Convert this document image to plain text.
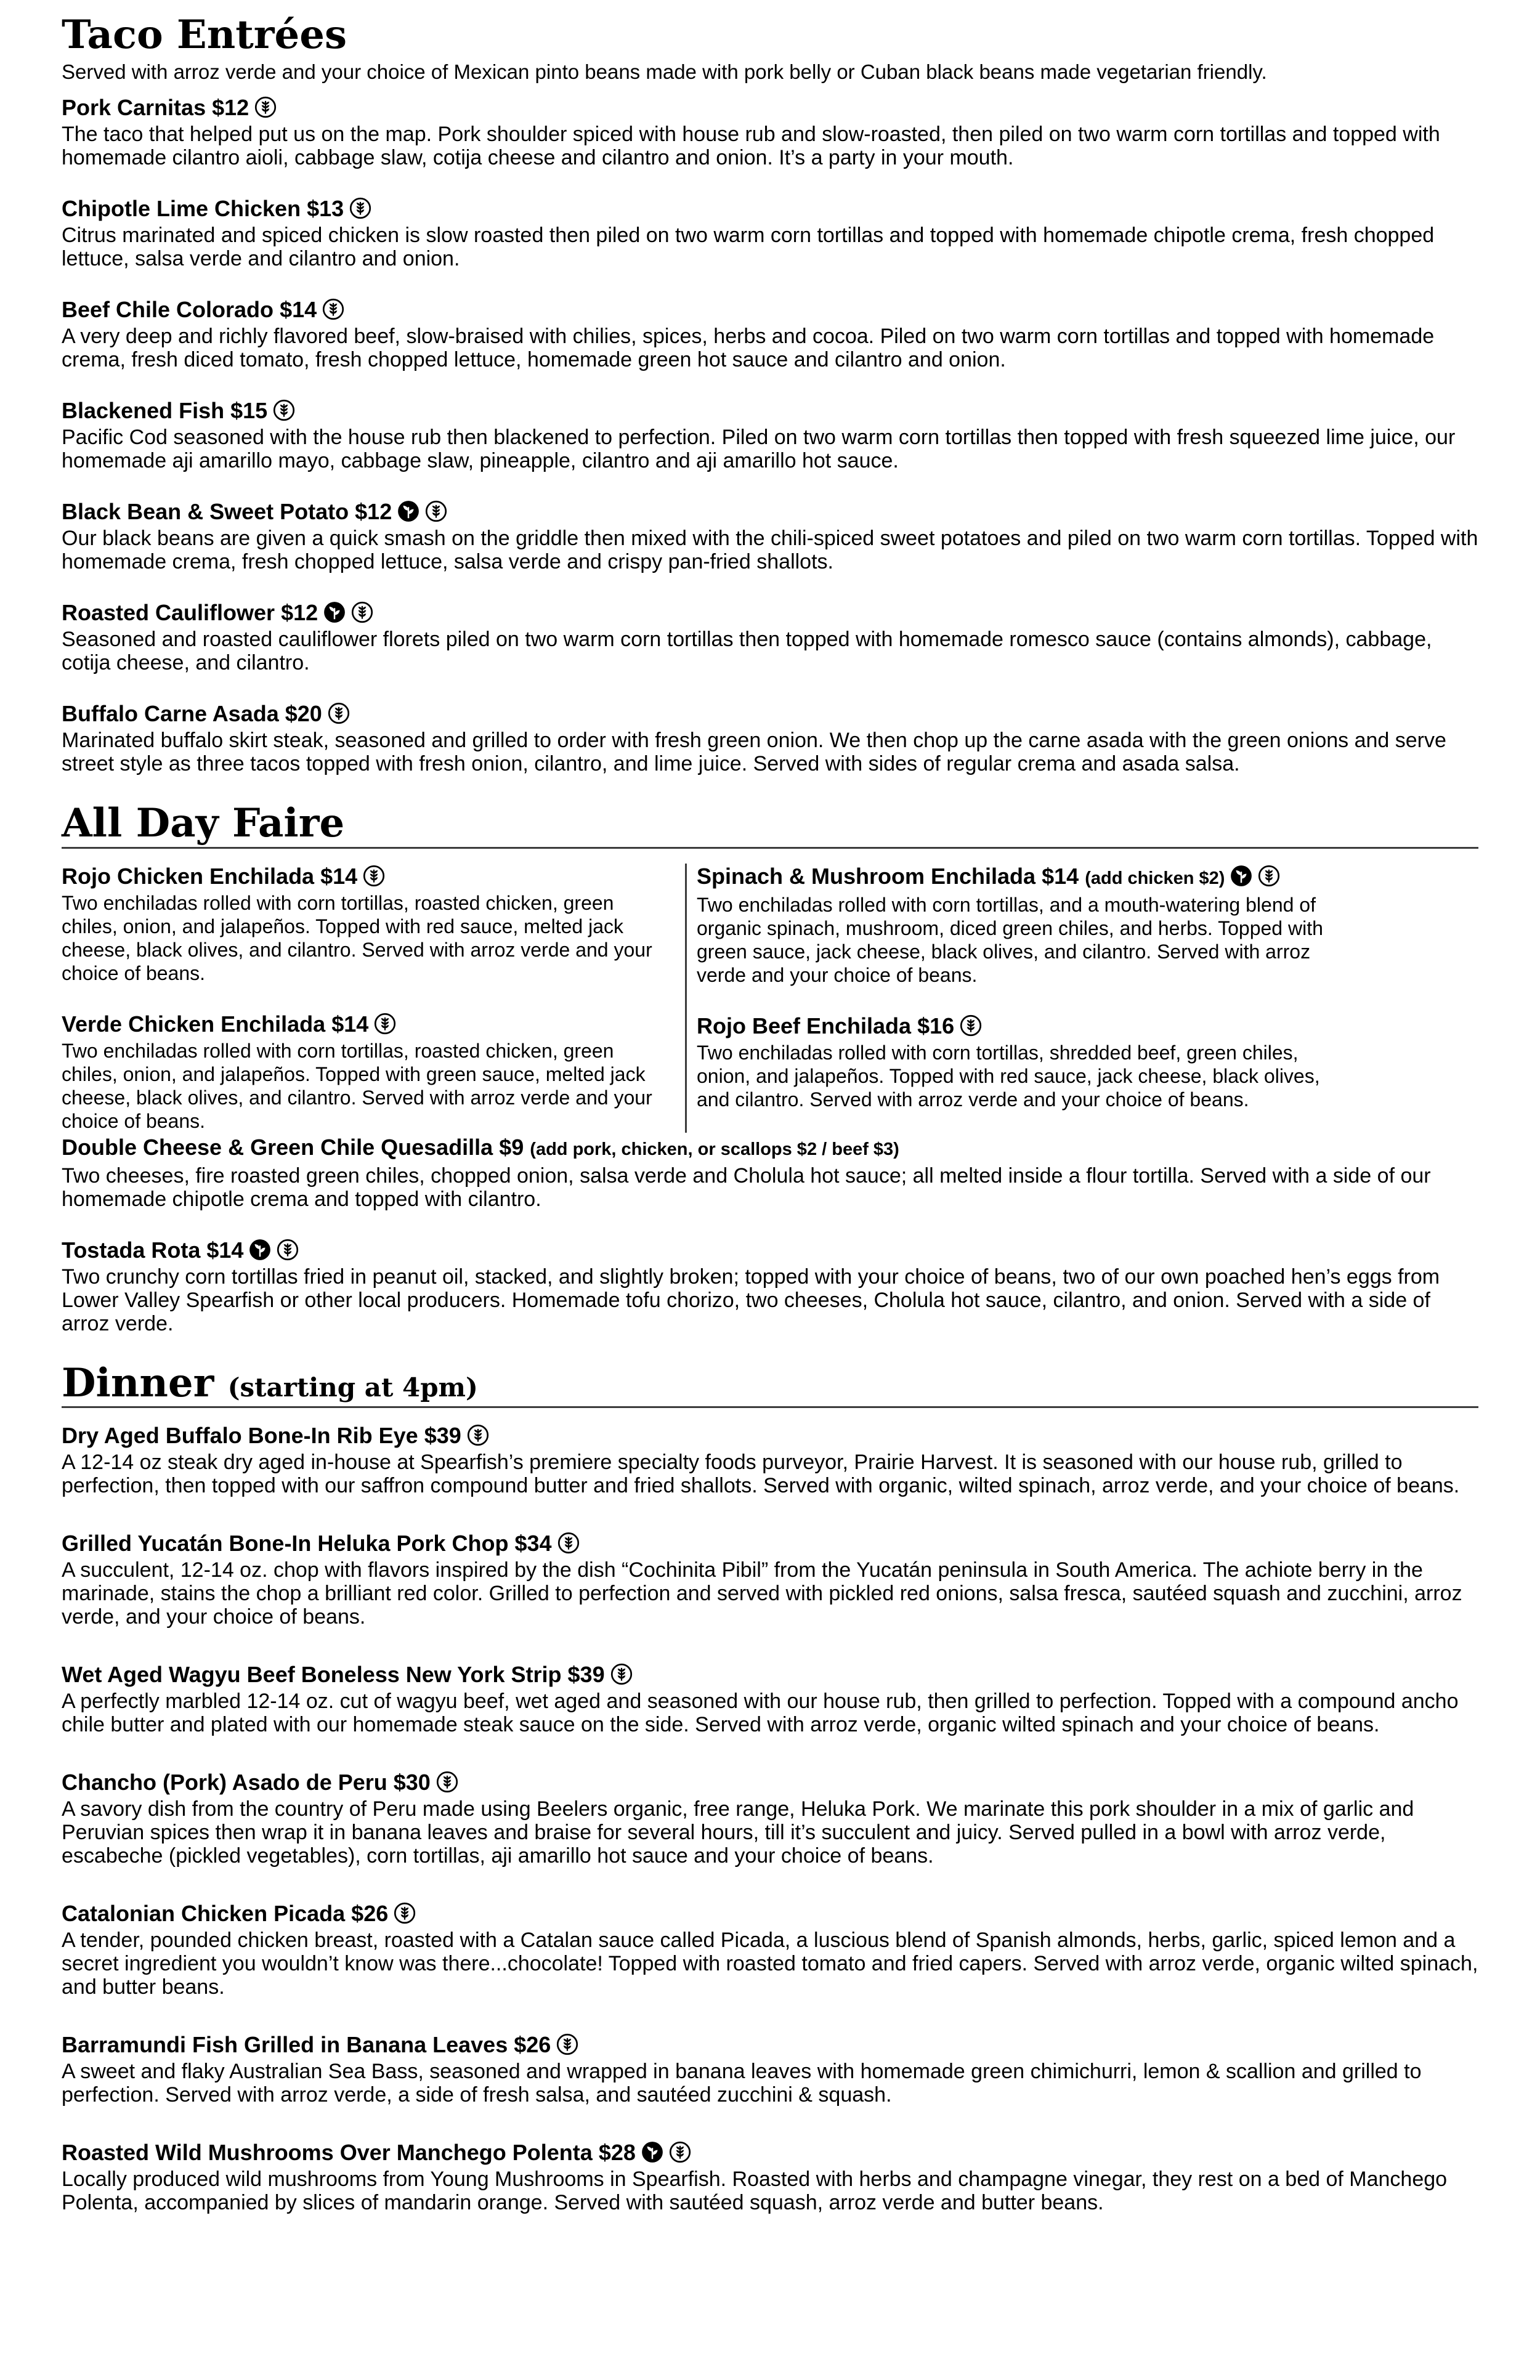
Taco Entrées

Served with arroz verde and your choice of Mexican pinto beans made with pork belly or Cuban black beans made vegetarian friendly.

Pork Carnitas $12
The taco that helped put us on the map. Pork shoulder spiced with house rub and slow-roasted, then piled on two warm corn tortillas and topped with homemade cilantro aioli, cabbage slaw, cotija cheese and cilantro and onion. It’s a party in your mouth.
Chipotle Lime Chicken $13
Citrus marinated and spiced chicken is slow roasted then piled on two warm corn tortillas and topped with homemade chipotle crema, fresh chopped lettuce, salsa verde and cilantro and onion.
Beef Chile Colorado $14
A very deep and richly flavored beef, slow-braised with chilies, spices, herbs and cocoa. Piled on two warm corn tortillas and topped with homemade crema, fresh diced tomato, fresh chopped lettuce, homemade green hot sauce and cilantro and onion.
Blackened Fish $15
Pacific Cod seasoned with the house rub then blackened to perfection. Piled on two warm corn tortillas then topped with fresh squeezed lime juice, our homemade aji amarillo mayo, cabbage slaw, pineapple, cilantro and aji amarillo hot sauce.
Black Bean & Sweet Potato $12
Our black beans are given a quick smash on the griddle then mixed with the chili-spiced sweet potatoes and piled on two warm corn tortillas. Topped with homemade crema, fresh chopped lettuce, salsa verde and crispy pan-fried shallots.
Roasted Cauliflower $12
Seasoned and roasted cauliflower florets piled on two warm corn tortillas then topped with homemade romesco sauce (contains almonds), cabbage, cotija cheese, and cilantro.
Buffalo Carne Asada $20
Marinated buffalo skirt steak, seasoned and grilled to order with fresh green onion. We then chop up the carne asada with the green onions and serve street style as three tacos topped with fresh onion, cilantro, and lime juice. Served with sides of regular crema and asada salsa.
All Day Faire
Rojo Chicken Enchilada $14
Two enchiladas rolled with corn tortillas, roasted chicken, green chiles, onion, and jalapeños. Topped with red sauce, melted jack cheese, black olives, and cilantro. Served with arroz verde and your choice of beans.
Verde Chicken Enchilada $14
Two enchiladas rolled with corn tortillas, roasted chicken, green chiles, onion, and jalapeños. Topped with green sauce, melted jack cheese, black olives, and cilantro. Served with arroz verde and your choice of beans.
Spinach & Mushroom Enchilada $14 (add chicken $2)
Two enchiladas rolled with corn tortillas, and a mouth-watering blend of organic spinach, mushroom, diced green chiles, and herbs. Topped with green sauce, jack cheese, black olives, and cilantro. Served with arroz verde and your choice of beans.
Rojo Beef Enchilada $16
Two enchiladas rolled with corn tortillas, shredded beef, green chiles, onion, and jalapeños. Topped with red sauce, jack cheese, black olives, and cilantro. Served with arroz verde and your choice of beans.
Double Cheese & Green Chile Quesadilla $9 (add pork, chicken, or scallops $2 / beef $3)
Two cheeses, fire roasted green chiles, chopped onion, salsa verde and Cholula hot sauce; all melted inside a flour tortilla. Served with a side of our homemade chipotle crema and topped with cilantro.
Tostada Rota $14
Two crunchy corn tortillas fried in peanut oil, stacked, and slightly broken; topped with your choice of beans, two of our own poached hen’s eggs from Lower Valley Spearfish or other local producers. Homemade tofu chorizo, two cheeses, Cholula hot sauce, cilantro, and onion. Served with a side of arroz verde.
Dinner (starting at 4pm)
Dry Aged Buffalo Bone-In Rib Eye $39
A 12-14 oz steak dry aged in-house at Spearfish’s premiere specialty foods purveyor, Prairie Harvest. It is seasoned with our house rub, grilled to perfection, then topped with our saffron compound butter and fried shallots. Served with organic, wilted spinach, arroz verde, and your choice of beans.
Grilled Yucatán Bone-In Heluka Pork Chop $34
A succulent, 12-14 oz. chop with flavors inspired by the dish “Cochinita Pibil” from the Yucatán peninsula in South America. The achiote berry in the marinade, stains the chop a brilliant red color. Grilled to perfection and served with pickled red onions, salsa fresca, sautéed squash and zucchini, arroz verde, and your choice of beans.
Wet Aged Wagyu Beef Boneless New York Strip $39
A perfectly marbled 12-14 oz. cut of wagyu beef, wet aged and seasoned with our house rub, then grilled to perfection. Topped with a compound ancho chile butter and plated with our homemade steak sauce on the side. Served with arroz verde, organic wilted spinach and your choice of beans.
Chancho (Pork) Asado de Peru $30
A savory dish from the country of Peru made using Beelers organic, free range, Heluka Pork. We marinate this pork shoulder in a mix of garlic and Peruvian spices then wrap it in banana leaves and braise for several hours, till it’s succulent and juicy. Served pulled in a bowl with arroz verde, escabeche (pickled vegetables), corn tortillas, aji amarillo hot sauce and your choice of beans.
Catalonian Chicken Picada $26
A tender, pounded chicken breast, roasted with a Catalan sauce called Picada, a luscious blend of Spanish almonds, herbs, garlic, spiced lemon and a secret ingredient you wouldn’t know was there...chocolate! Topped with roasted tomato and fried capers. Served with arroz verde, organic wilted spinach, and butter beans.
Barramundi Fish Grilled in Banana Leaves $26
A sweet and flaky Australian Sea Bass, seasoned and wrapped in banana leaves with homemade green chimichurri, lemon & scallion and grilled to perfection. Served with arroz verde, a side of fresh salsa, and sautéed zucchini & squash.
Roasted Wild Mushrooms Over Manchego Polenta $28
Locally produced wild mushrooms from Young Mushrooms in Spearfish. Roasted with herbs and champagne vinegar, they rest on a bed of Manchego Polenta, accompanied by slices of mandarin orange. Served with sautéed squash, arroz verde and butter beans.
